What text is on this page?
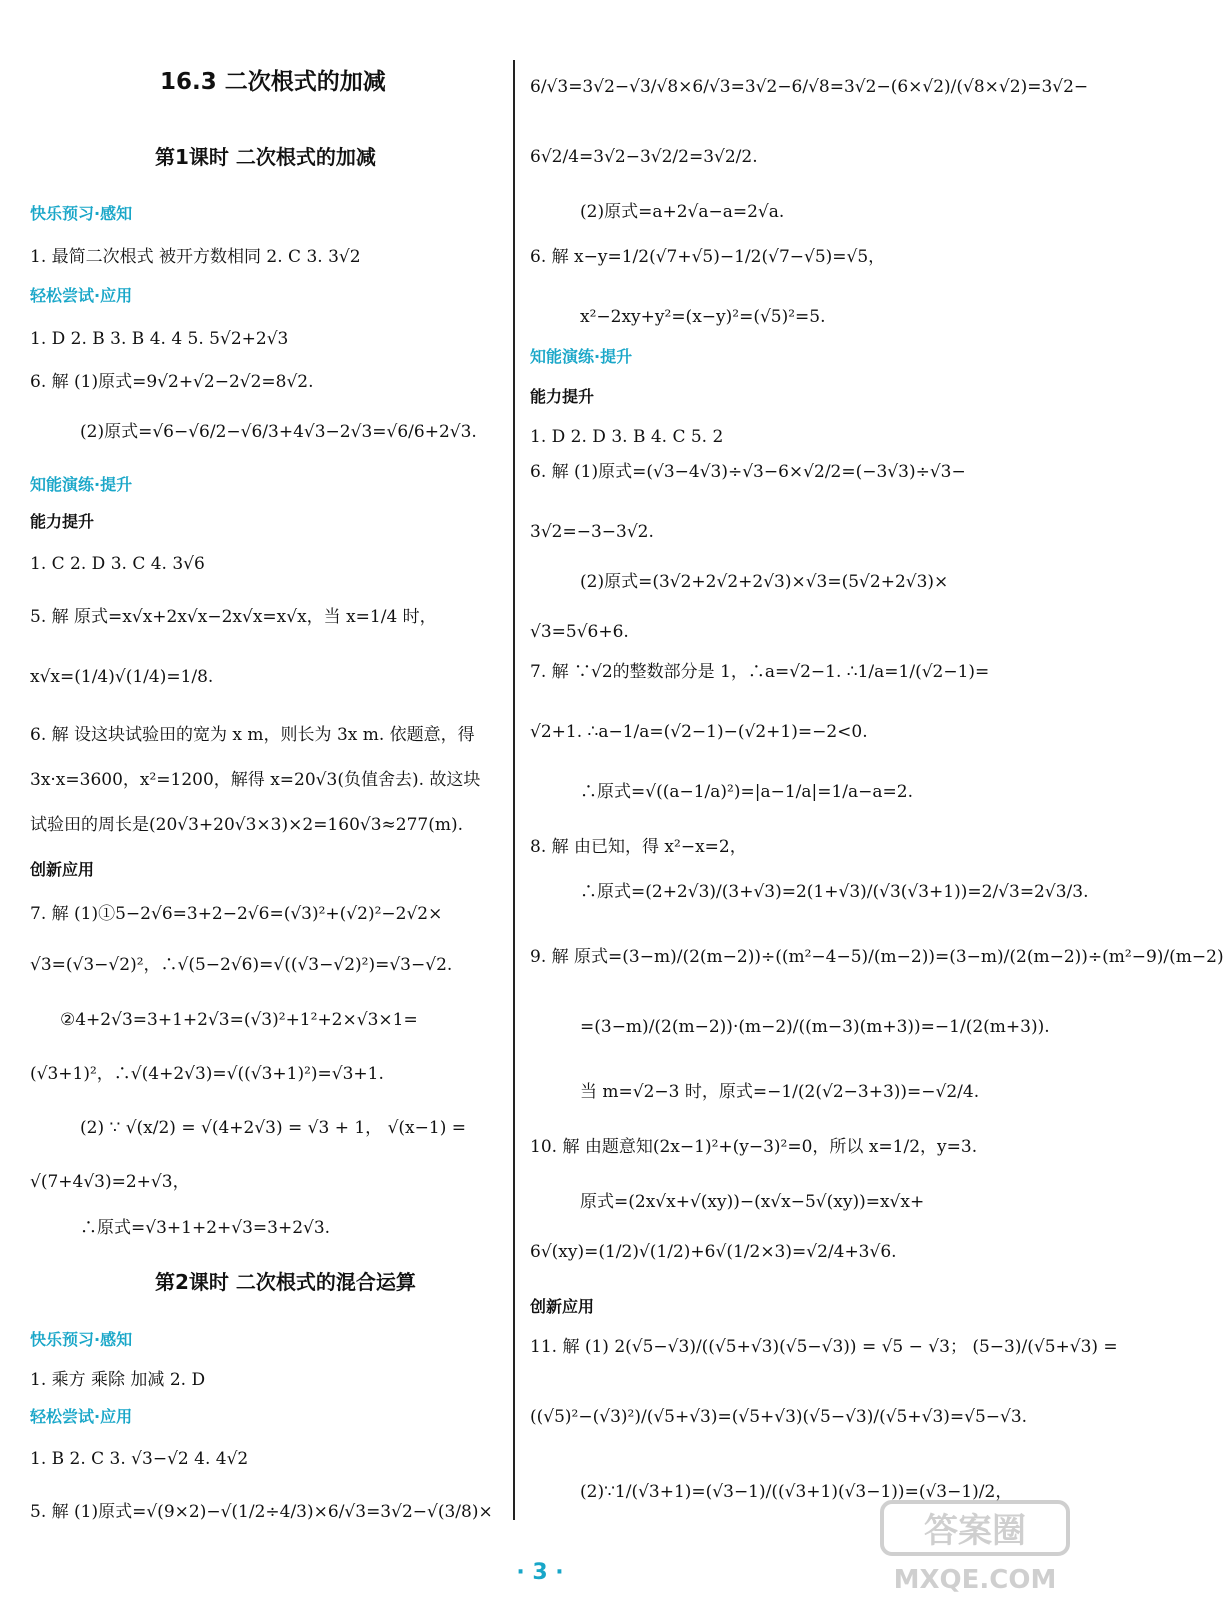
16.3 二次根式的加减
第1课时 二次根式的加减
快乐预习·感知
1. 最简二次根式 被开方数相同 2. C 3. 3√2
轻松尝试·应用
1. D 2. B 3. B 4. 4 5. 5√2+2√3
6. 解 (1)原式=9√2+√2−2√2=8√2.
(2)原式=√6−√6/2−√6/3+4√3−2√3=√6/6+2√3.
知能演练·提升
能力提升
1. C 2. D 3. C 4. 3√6
5. 解 原式=x√x+2x√x−2x√x=x√x，当 x=1/4 时，
x√x=(1/4)√(1/4)=1/8.
6. 解 设这块试验田的宽为 x m，则长为 3x m. 依题意，得
3x·x=3600，x²=1200，解得 x=20√3(负值舍去). 故这块
试验田的周长是(20√3+20√3×3)×2=160√3≈277(m).
创新应用
7. 解 (1)①5−2√6=3+2−2√6=(√3)²+(√2)²−2√2×
√3=(√3−√2)²，∴√(5−2√6)=√((√3−√2)²)=√3−√2.
②4+2√3=3+1+2√3=(√3)²+1²+2×√3×1=
(√3+1)²，∴√(4+2√3)=√((√3+1)²)=√3+1.
(2) ∵ √(x/2) = √(4+2√3) = √3 + 1， √(x−1) =
√(7+4√3)=2+√3，
∴原式=√3+1+2+√3=3+2√3.
第2课时 二次根式的混合运算
快乐预习·感知
1. 乘方 乘除 加减 2. D
轻松尝试·应用
1. B 2. C 3. √3−√2 4. 4√2
5. 解 (1)原式=√(9×2)−√(1/2÷4/3)×6/√3=3√2−√(3/8)×
6/√3=3√2−√3/√8×6/√3=3√2−6/√8=3√2−(6×√2)/(√8×√2)=3√2−
6√2/4=3√2−3√2/2=3√2/2.
(2)原式=a+2√a−a=2√a.
6. 解 x−y=1/2(√7+√5)−1/2(√7−√5)=√5，
x²−2xy+y²=(x−y)²=(√5)²=5.
知能演练·提升
能力提升
1. D 2. D 3. B 4. C 5. 2
6. 解 (1)原式=(√3−4√3)÷√3−6×√2/2=(−3√3)÷√3−
3√2=−3−3√2.
(2)原式=(3√2+2√2+2√3)×√3=(5√2+2√3)×
√3=5√6+6.
7. 解 ∵√2的整数部分是 1，∴a=√2−1. ∴1/a=1/(√2−1)=
√2+1. ∴a−1/a=(√2−1)−(√2+1)=−2<0.
∴原式=√((a−1/a)²)=|a−1/a|=1/a−a=2.
8. 解 由已知，得 x²−x=2，
∴原式=(2+2√3)/(3+√3)=2(1+√3)/(√3(√3+1))=2/√3=2√3/3.
9. 解 原式=(3−m)/(2(m−2))÷((m²−4−5)/(m−2))=(3−m)/(2(m−2))÷(m²−9)/(m−2)
=(3−m)/(2(m−2))·(m−2)/((m−3)(m+3))=−1/(2(m+3)).
当 m=√2−3 时，原式=−1/(2(√2−3+3))=−√2/4.
10. 解 由题意知(2x−1)²+(y−3)²=0，所以 x=1/2，y=3.
原式=(2x√x+√(xy))−(x√x−5√(xy))=x√x+
6√(xy)=(1/2)√(1/2)+6√(1/2×3)=√2/4+3√6.
创新应用
11. 解 (1) 2(√5−√3)/((√5+√3)(√5−√3)) = √5 − √3； (5−3)/(√5+√3) =
((√5)²−(√3)²)/(√5+√3)=(√5+√3)(√5−√3)/(√5+√3)=√5−√3.
(2)∵1/(√3+1)=(√3−1)/((√3+1)(√3−1))=(√3−1)/2，
· 3 ·
答案圈
MXQE.COM
